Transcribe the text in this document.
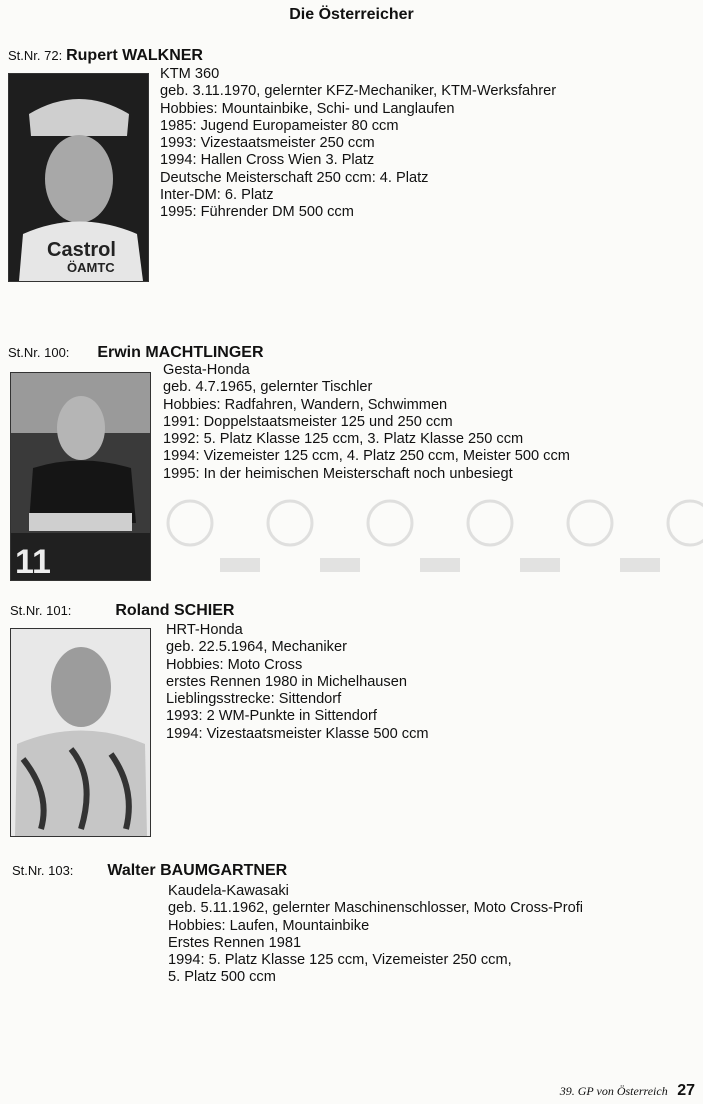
Die Österreicher
St.Nr. 72: Rupert WALKNER
Castrol
ÖAMTC
KTM 360
geb. 3.11.1970, gelernter KFZ-Mechaniker, KTM-Werksfahrer
Hobbies: Mountainbike, Schi- und Langlaufen
1985: Jugend Europameister 80 ccm
1993: Vizestaatsmeister 250 ccm
1994: Hallen Cross Wien 3. Platz
Deutsche Meisterschaft 250 ccm: 4. Platz
Inter-DM: 6. Platz
1995: Führender DM 500 ccm
St.Nr. 100: Erwin MACHTLINGER
11
Gesta-Honda
geb. 4.7.1965, gelernter Tischler
Hobbies: Radfahren, Wandern, Schwimmen
1991: Doppelstaatsmeister 125 und 250 ccm
1992: 5. Platz Klasse 125 ccm, 3. Platz Klasse 250 ccm
1994: Vizemeister 125 ccm, 4. Platz 250 ccm, Meister 500 ccm
1995: In der heimischen Meisterschaft noch unbesiegt
St.Nr. 101:	Roland SCHIER
HRT-Honda
geb. 22.5.1964, Mechaniker
Hobbies: Moto Cross
erstes Rennen 1980 in Michelhausen
Lieblingsstrecke: Sittendorf
1993: 2 WM-Punkte in Sittendorf
1994: Vizestaatsmeister Klasse 500 ccm
St.Nr. 103: Walter BAUMGARTNER
Kaudela-Kawasaki
geb. 5.11.1962, gelernter Maschinenschlosser, Moto Cross-Profi
Hobbies: Laufen, Mountainbike
Erstes Rennen 1981
1994: 5. Platz Klasse 125 ccm, Vizemeister 250 ccm,
5. Platz 500 ccm
39. GP von Österreich 27
